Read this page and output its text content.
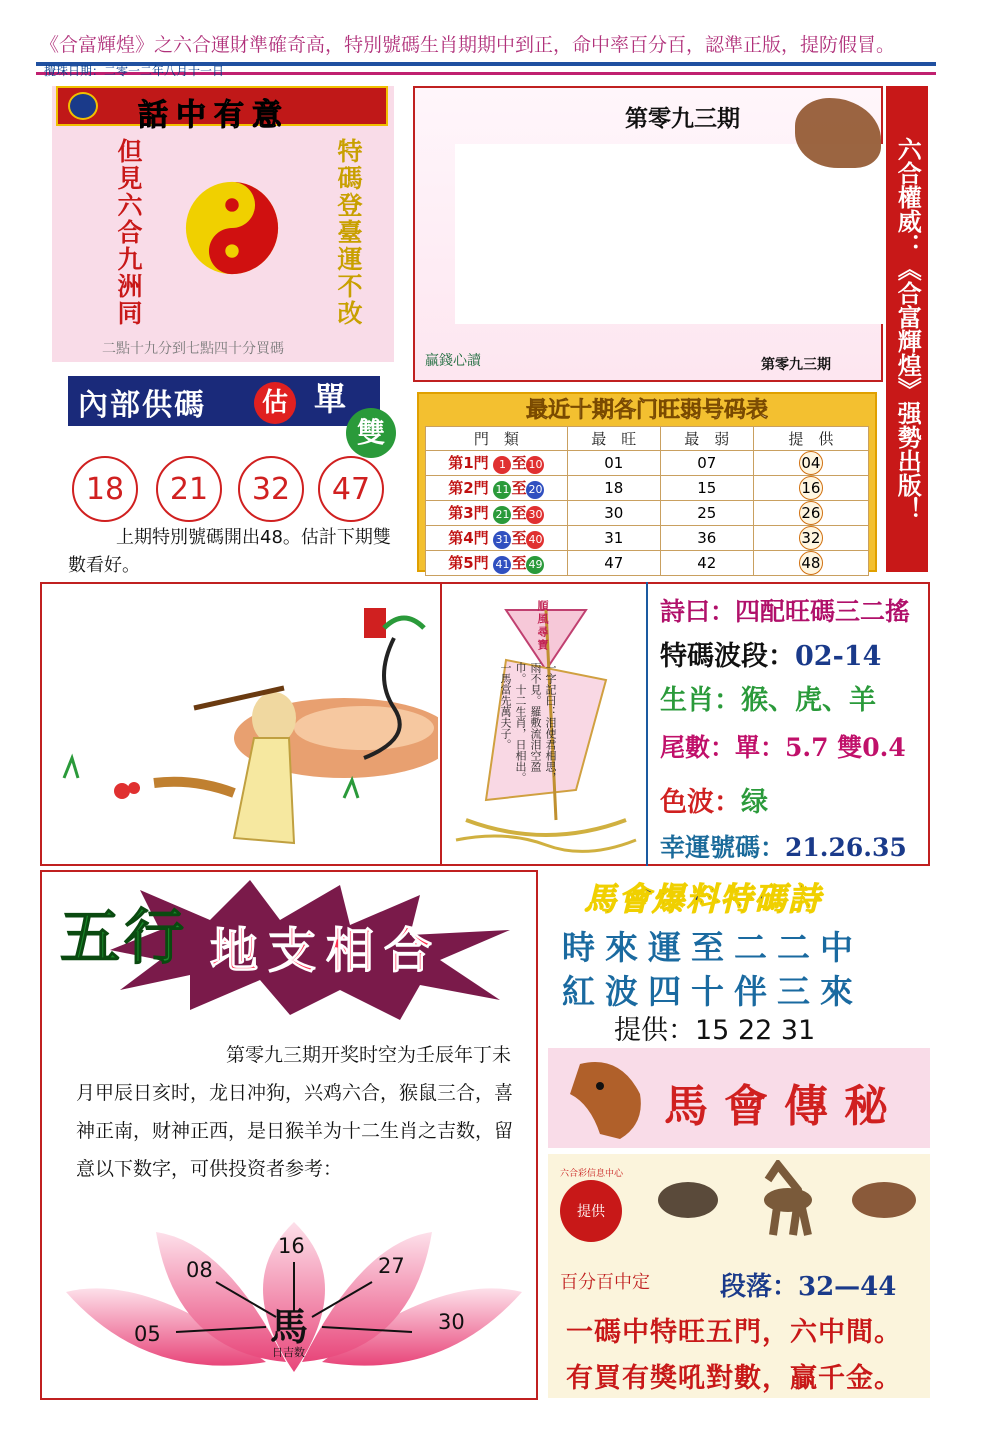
《合富輝煌》之六合運財準確奇高，特別號碼生肖期期中到正，命中率百分百，認準正版，提防假冒。
攪珠日期：二零一二年八月十一日
話中有意
但見六合九洲同	特碼登臺運不改
二點十九分到七點四十分買碼
第零九三期
贏錢心讀	第零九三期	六合權威：《合富輝煌》强勢出版！
內部供碼	估 單
雙
18	21	32	47
上期特別號碼開出48。估計下期雙數看好。
最近十期各门旺弱号码表
門　類	最　旺	最　弱	提　供
第1門 1 至 10	01	07	04
第2門 11 至 20	18	15	16
第3門 21 至 30	30	25	26
第4門 31 至 40	31	36	32
第5門 41 至 49	47	42	48
順風尋寶
一字記曰：泪使君相思，雨不見。羅敷流泪空盈巾。十二生肖，日相出。一馬當先萬夫子。
詩曰：四配旺碼三二搖
特碼波段：02-14
生肖：猴、虎、羊
尾數：單：5.7 雙0.4
色波：绿
幸運號碼：21.26.35
五行 地支相合
第零九三期开奖时空为壬辰年丁未月甲辰日亥时，龙日冲狗，兴鸡六合，猴鼠三合，喜神正南，财神正西，是日猴羊为十二生肖之吉数，留意以下数字，可供投资者参考：
05
08
16
27
30
馬
日吉数
馬會爆料特碼詩
時來運至二二中
紅波四十伴三來
提供：15 22 31
馬會傳秘
提供
六合彩信息中心
百分百中定	段落：32—44
一碼中特旺五門，六中間。
有買有獎吼對數，贏千金。
